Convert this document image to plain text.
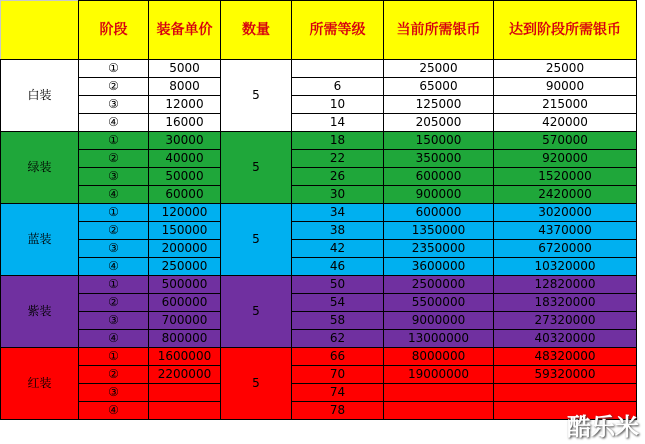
	阶段	装备单价	数量	所需等级	当前所需银币	达到阶段所需银币
白装	①	5000	5		25000	25000
	②	8000		6	65000	90000
	③	12000		10	125000	215000
	④	16000		14	205000	420000
绿装	①	30000	5	18	150000	570000
	②	40000		22	350000	920000
	③	50000		26	600000	1520000
	④	60000		30	900000	2420000
蓝装	①	120000	5	34	600000	3020000
	②	150000		38	1350000	4370000
	③	200000		42	2350000	6720000
	④	250000		46	3600000	10320000
紫装	①	500000	5	50	2500000	12820000
	②	600000		54	5500000	18320000
	③	700000		58	9000000	27320000
	④	800000		62	13000000	40320000
红装	①	1600000	5	66	8000000	48320000
	②	2200000		70	19000000	59320000
	③			74		
	④			78		
酷乐米
